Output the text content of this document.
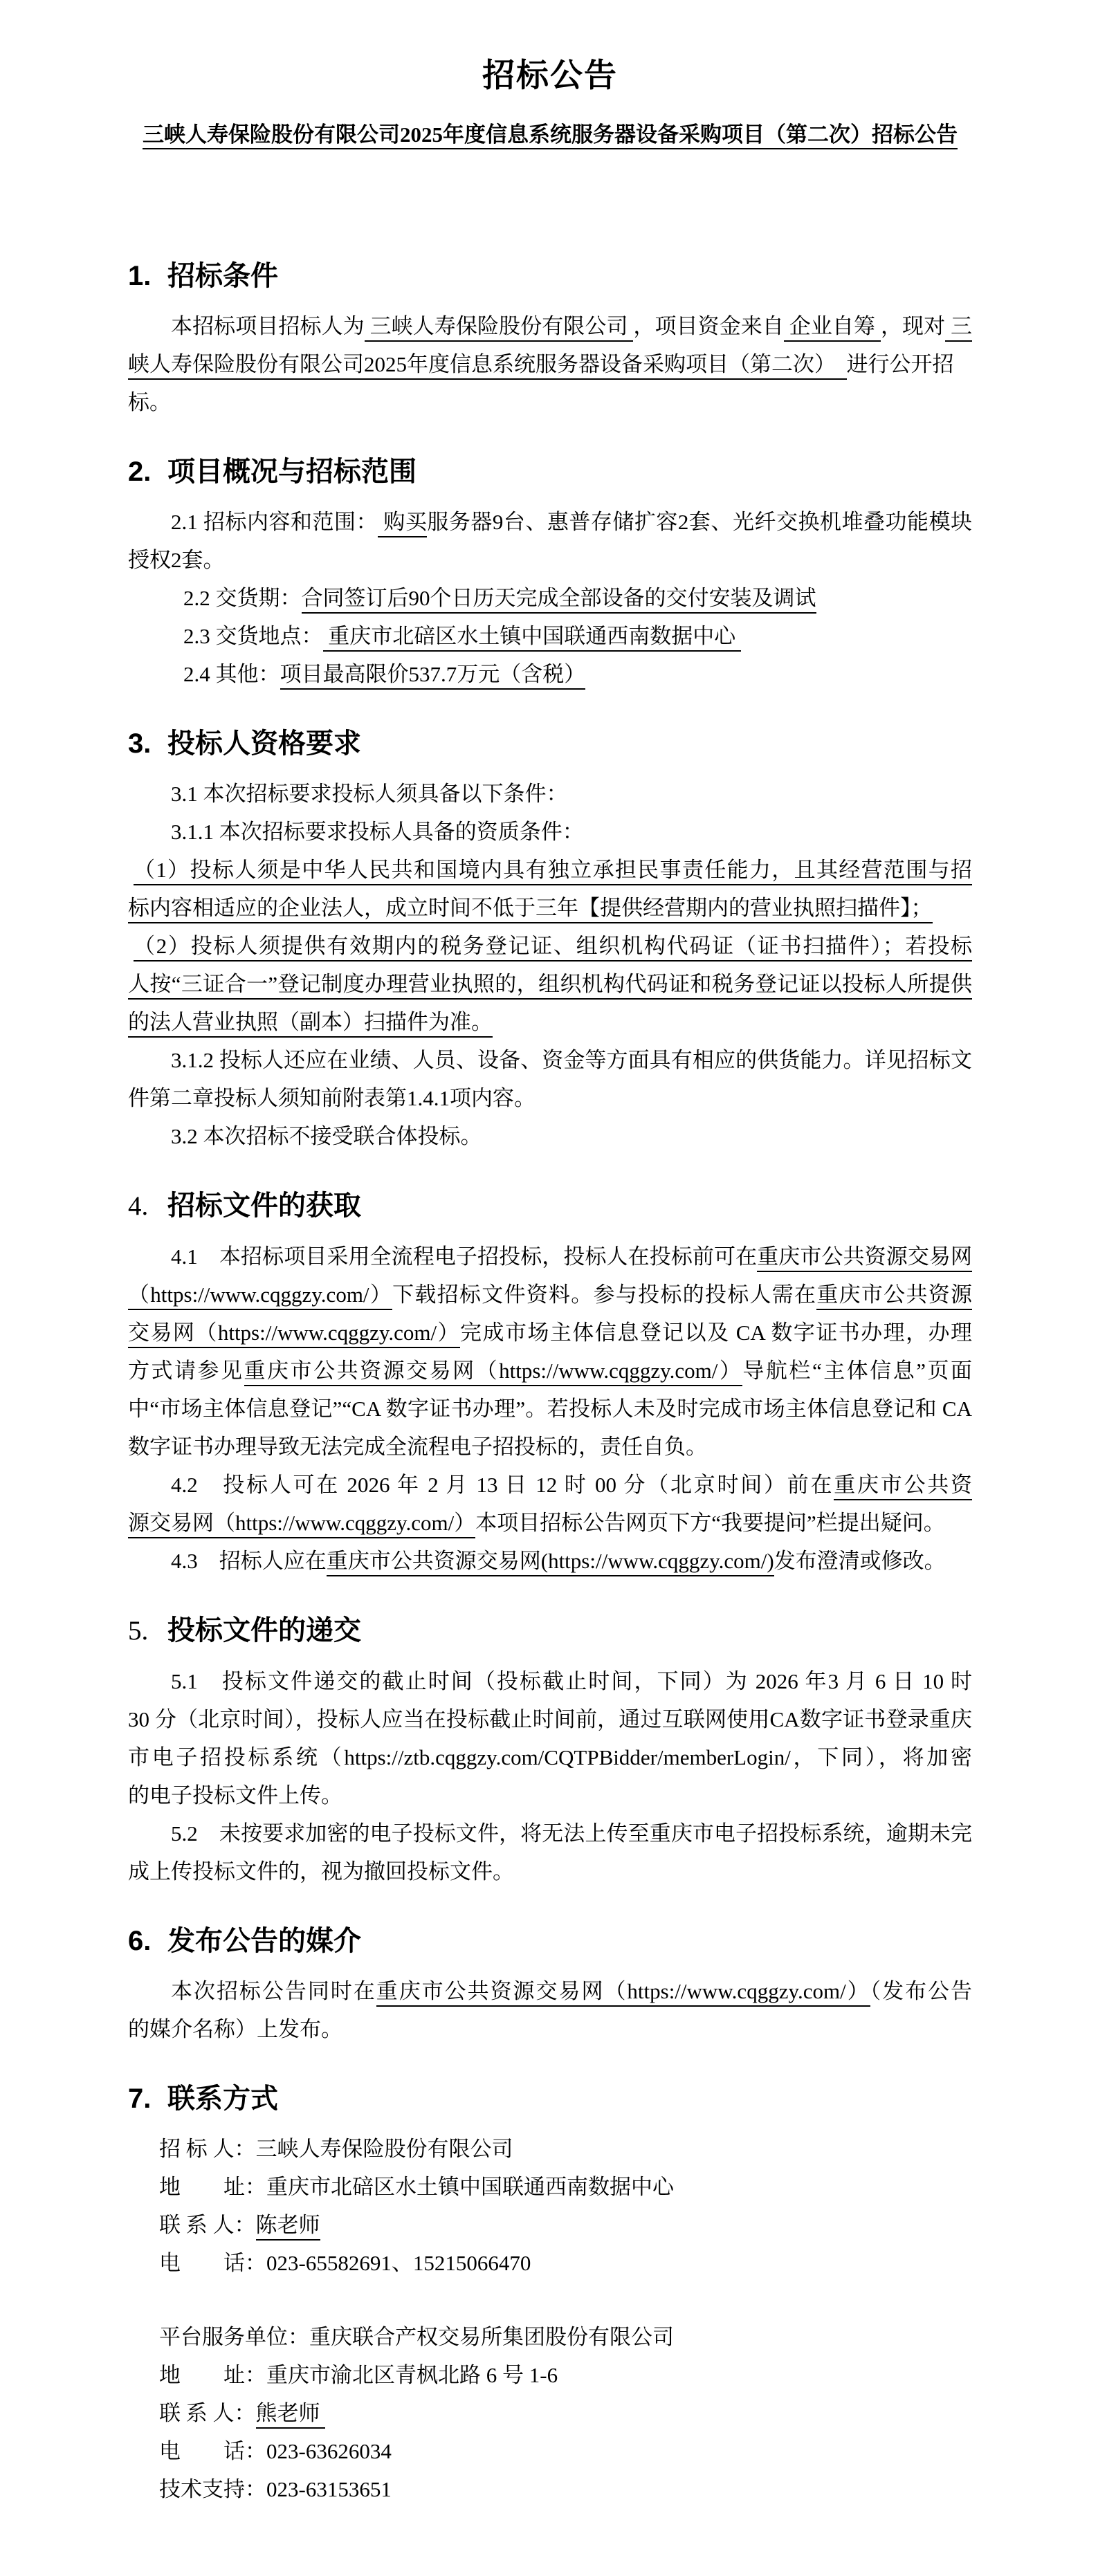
招标公告
三峡人寿保险股份有限公司2025年度信息系统服务器设备采购项目（第二次）招标公告
1. 招标条件
本招标项目招标人为 三峡人寿保险股份有限公司 ，项目资金来自 企业自筹 ，现对 三
峡人寿保险股份有限公司2025年度信息系统服务器设备采购项目（第二次）　进行公开招标。
2. 项目概况与招标范围
2.1 招标内容和范围： 购买服务器9台、惠普存储扩容2套、光纤交换机堆叠功能模块
授权2套。
2.2 交货期：合同签订后90个日历天完成全部设备的交付安装及调试
2.3 交货地点： 重庆市北碚区水土镇中国联通西南数据中心
2.4 其他：项目最高限价537.7万元（含税）
3. 投标人资格要求
3.1 本次招标要求投标人须具备以下条件：
3.1.1 本次招标要求投标人具备的资质条件：
（1）投标人须是中华人民共和国境内具有独立承担民事责任能力，且其经营范围与招
标内容相适应的企业法人，成立时间不低于三年【提供经营期内的营业执照扫描件】；
（2）投标人须提供有效期内的税务登记证、组织机构代码证（证书扫描件）；若投标
人按“三证合一”登记制度办理营业执照的，组织机构代码证和税务登记证以投标人所提供
的法人营业执照（副本）扫描件为准。
3.1.2 投标人还应在业绩、人员、设备、资金等方面具有相应的供货能力。详见招标文
件第二章投标人须知前附表第1.4.1项内容。
3.2 本次招标不接受联合体投标。
4. 招标文件的获取
4.1　本招标项目采用全流程电子招投标，投标人在投标前可在重庆市公共资源交易网
（https://www.cqggzy.com/）下载招标文件资料。参与投标的投标人需在重庆市公共资源
交易网（https://www.cqggzy.com/）完成市场主体信息登记以及 CA 数字证书办理，办理
方式请参见重庆市公共资源交易网（https://www.cqggzy.com/）导航栏“主体信息”页面
中“市场主体信息登记”“CA 数字证书办理”。若投标人未及时完成市场主体信息登记和 CA
数字证书办理导致无法完成全流程电子招投标的，责任自负。
4.2　投标人可在 2026 年 2 月 13 日 12 时 00 分（北京时间）前在重庆市公共资
源交易网（https://www.cqggzy.com/）本项目招标公告网页下方“我要提问”栏提出疑问。
4.3　招标人应在重庆市公共资源交易网(https://www.cqggzy.com/)发布澄清或修改。
5. 投标文件的递交
5.1　投标文件递交的截止时间（投标截止时间，下同）为 2026 年3 月 6 日 10 时
30 分（北京时间），投标人应当在投标截止时间前，通过互联网使用CA数字证书登录重庆
市电子招投标系统（https://ztb.cqggzy.com/CQTPBidder/memberLogin/，下同），将加密
的电子投标文件上传。
5.2　未按要求加密的电子投标文件，将无法上传至重庆市电子招投标系统，逾期未完
成上传投标文件的，视为撤回投标文件。
6. 发布公告的媒介
本次招标公告同时在重庆市公共资源交易网（https://www.cqggzy.com/）（发布公告
的媒介名称）上发布。
7. 联系方式
招 标 人：三峡人寿保险股份有限公司
地　　址：重庆市北碚区水土镇中国联通西南数据中心
联 系 人：陈老师
电　　话：023-65582691、15215066470
平台服务单位：重庆联合产权交易所集团股份有限公司
地　　址：重庆市渝北区青枫北路 6 号 1-6
联 系 人：熊老师
电　　话：023-63626034
技术支持：023-63153651
